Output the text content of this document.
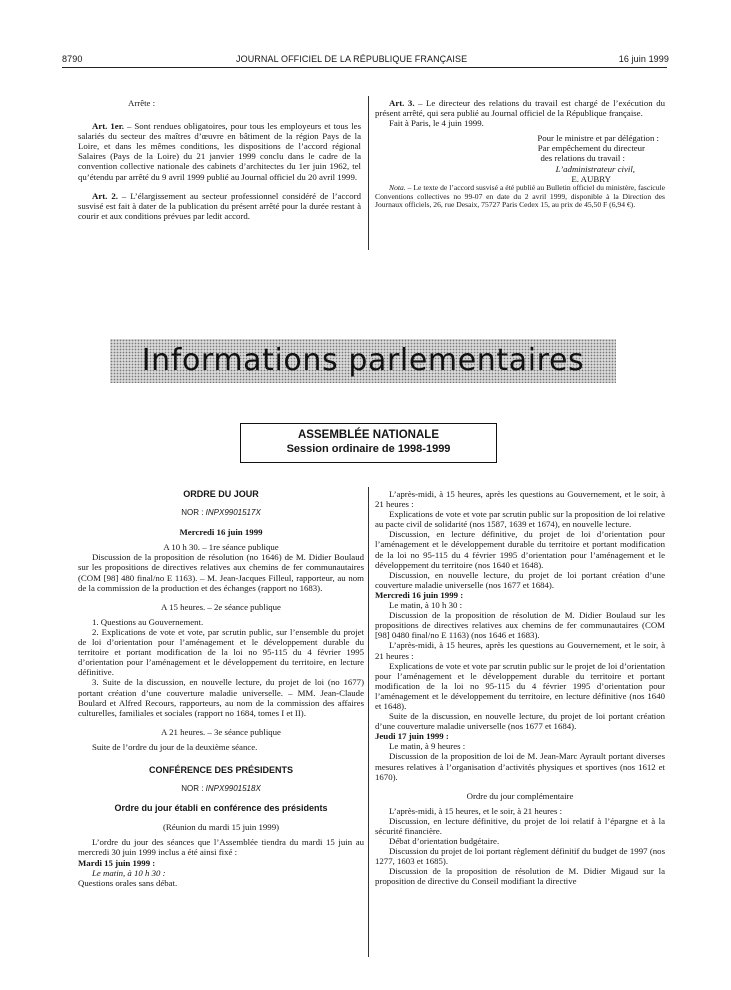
8790	JOURNAL OFFICIEL DE LA RÉPUBLIQUE FRANÇAISE	16 juin 1999

Arrête :

Art. 1er. – Sont rendues obligatoires, pour tous les employeurs et tous les salariés du secteur des maîtres d’œuvre en bâtiment de la région Pays de la Loire, et dans les mêmes conditions, les dispositions de l’accord régional Salaires (Pays de la Loire) du 21 janvier 1999 conclu dans le cadre de la convention collective nationale des cabinets d’architectes du 1er juin 1962, tel qu’étendu par arrêté du 9 avril 1999 publié au Journal officiel du 20 avril 1999.

Art. 2. – L’élargissement au secteur professionnel considéré de l’accord susvisé est fait à dater de la publication du présent arrêté pour la durée restant à courir et aux conditions prévues par ledit accord.

Art. 3. – Le directeur des relations du travail est chargé de l’exécution du présent arrêté, qui sera publié au Journal officiel de la République française.

Fait à Paris, le 4 juin 1999.

Pour le ministre et par délégation :

Par empêchement du directeur

des relations du travail :

L’administrateur civil,

E. AUBRY

Nota. – Le texte de l’accord susvisé a été publié au Bulletin officiel du ministère, fascicule Conventions collectives no 99-07 en date du 2 avril 1999, disponible à la Direction des Journaux officiels, 26, rue Desaix, 75727 Paris Cedex 15, au prix de 45,50 F (6,94 €).

Informations parlementaires
ASSEMBLÉE NATIONALE
Session ordinaire de 1998-1999

ORDRE DU JOUR

NOR : INPX9901517X

Mercredi 16 juin 1999

A 10 h 30. – 1re séance publique

Discussion de la proposition de résolution (no 1646) de M. Didier Boulaud sur les propositions de directives relatives aux chemins de fer communautaires (COM [98] 480 final/no E 1163). – M. Jean-Jacques Filleul, rapporteur, au nom de la commission de la production et des échanges (rapport no 1683).

A 15 heures. – 2e séance publique

1. Questions au Gouvernement.

2. Explications de vote et vote, par scrutin public, sur l’ensemble du projet de loi d’orientation pour l’aménagement et le développement durable du territoire et portant modification de la loi no 95-115 du 4 février 1995 d’orientation pour l’aménagement et le développement du territoire, en lecture définitive.

3. Suite de la discussion, en nouvelle lecture, du projet de loi (no 1677) portant création d’une couverture maladie universelle. – MM. Jean-Claude Boulard et Alfred Recours, rapporteurs, au nom de la commission des affaires culturelles, familiales et sociales (rapport no 1684, tomes I et II).

A 21 heures. – 3e séance publique

Suite de l’ordre du jour de la deuxième séance.

CONFÉRENCE DES PRÉSIDENTS

NOR : INPX9901518X

Ordre du jour établi en conférence des présidents

(Réunion du mardi 15 juin 1999)

L’ordre du jour des séances que l’Assemblée tiendra du mardi 15 juin au mercredi 30 juin 1999 inclus a été ainsi fixé :

Mardi 15 juin 1999 :

Le matin, à 10 h 30 :

Questions orales sans débat.

L’après-midi, à 15 heures, après les questions au Gouvernement, et le soir, à 21 heures :

Explications de vote et vote par scrutin public sur la proposition de loi relative au pacte civil de solidarité (nos 1587, 1639 et 1674), en nouvelle lecture.

Discussion, en lecture définitive, du projet de loi d’orientation pour l’aménagement et le développement durable du territoire et portant modification de la loi no 95-115 du 4 février 1995 d’orientation pour l’aménagement et le développement du territoire (nos 1640 et 1648).

Discussion, en nouvelle lecture, du projet de loi portant création d’une couverture maladie universelle (nos 1677 et 1684).

Mercredi 16 juin 1999 :

Le matin, à 10 h 30 :

Discussion de la proposition de résolution de M. Didier Boulaud sur les propositions de directives relatives aux chemins de fer communautaires (COM [98] 0480 final/no E 1163) (nos 1646 et 1683).

L’après-midi, à 15 heures, après les questions au Gouvernement, et le soir, à 21 heures :

Explications de vote et vote par scrutin public sur le projet de loi d’orientation pour l’aménagement et le développement durable du territoire et portant modification de la loi no 95-115 du 4 février 1995 d’orientation pour l’aménagement et le développement du territoire, en lecture définitive (nos 1640 et 1648).

Suite de la discussion, en nouvelle lecture, du projet de loi portant création d’une couverture maladie universelle (nos 1677 et 1684).

Jeudi 17 juin 1999 :

Le matin, à 9 heures :

Discussion de la proposition de loi de M. Jean-Marc Ayrault portant diverses mesures relatives à l’organisation d’activités physiques et sportives (nos 1612 et 1670).

Ordre du jour complémentaire

L’après-midi, à 15 heures, et le soir, à 21 heures :

Discussion, en lecture définitive, du projet de loi relatif à l’épargne et à la sécurité financière.

Débat d’orientation budgétaire.

Discussion du projet de loi portant règlement définitif du budget de 1997 (nos 1277, 1603 et 1685).

Discussion de la proposition de résolution de M. Didier Migaud sur la proposition de directive du Conseil modifiant la directive
